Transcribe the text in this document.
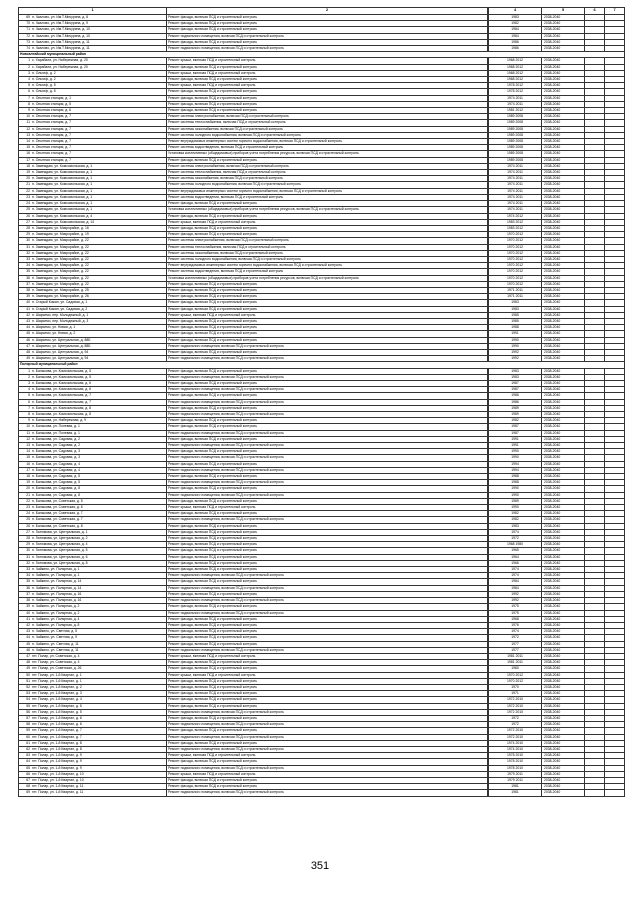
1	2		4	5	6	7
69 п. Чкалово, ул. Им.Т.Мичурина, д. 8	Ремонт фасада, включая ПСД и строительный контроль		1983	2038-2040		
70 п. Чкалово, ул. Им.Т.Мичурина, д. 9	Ремонт фасада, включая ПСД и строительный контроль		1982	2038-2040		
71 п. Чкалово, ул. Им.Т.Мичурина, д. 10	Ремонт фасада, включая ПСД и строительный контроль		1984	2038-2040		
72 п. Чкалово, ул. Им.Т.Мичурина, д. 10	Ремонт подвального помещения, включая ПСД и строительный контроль		1984	2038-2040		
73 п. Чкалово, ул. Им.Т.Мичурина, д. 11	Ремонт фасада, включая ПСД и строительный контроль		1986	2038-2040		
74 п. Чкалово, ул. Им.Т.Мичурина, д. 11	Ремонт подвального помещения, включая ПСД и строительный контроль		1986	2038-2040		
Новоалтайский муниципальный район					
1 с. Харабали, ул. Набережная, д. 20	Ремонт крыши, включая ПСД и строительный контроль		1968 2012	2038-2040		
2 с. Харабали, ул. Набережная, д. 20	Ремонт фасада, включая ПСД и строительный контроль		1968 2012	2038-2040		
3 п. Ольгиф, д. 2	Ремонт крыши, включая ПСД и строительный контроль		1968 2012	2038-2040		
4 п. Ольгиф, д. 2	Ремонт фасада, включая ПСД и строительный контроль		1968 2012	2038-2040		
5 п. Ольгиф, д. 5	Ремонт крыши, включая ПСД и строительный контроль		1978 2012	2038-2040		
6 п. Ольгиф, д. 5	Ремонт фасада, включая ПСД и строительный контроль		1978 2012	2038-2040		
7 п. Опытная станция, д. 1	Ремонт фасада, включая ПСД и строительный контроль		1974 2011	2038-2040		
8 п. Опытная станция, д. 5	Ремонт фасада, включая ПСД и строительный контроль		1974 2011	2038-2040		
9 п. Опытная станция, д. 6	Ремонт фасада, включая ПСД и строительный контроль		1981 2012	2038-2040		
10 п. Опытная станция, д. 7	Ремонт системы электроснабжения, включая ПСД и строительный контроль		1989 2008	2038-2040		
11 п. Опытная станция, д. 7	Ремонт системы теплоснабжения, включая ПСД и строительный контроль		1989 2008	2038-2040		
12 п. Опытная станция, д. 7	Ремонт системы газоснабжения, включая ПСД и строительный контроль		1989 2008	2038-2040		
13 п. Опытная станция, д. 7	Ремонт системы холодного водоснабжения, включая ПСД и строительный контроль		1989 2008	2038-2040		
14 п. Опытная станция, д. 7	Ремонт внутридомовых инженерных систем горячего водоснабжения, включая ПСД и строительный контроль		1989 2008	2038-2040		
15 п. Опытная станция, д. 7	Ремонт системы водоотведения, включая ПСД и строительный контроль		1989 2008	2038-2040		
16 п. Опытная станция, д. 7	Установка коллективных (общедомовых) приборов учета потребления ресурсов, включая ПСД и строительный контроль		1989 2008	2038-2040		
17 п. Опытная станция, д. 7	Ремонт фасада, включая ПСД и строительный контроль		1989 2008	2038-2040		
18 п. Замеждаю, ул. Комсомольская, д. 1	Ремонт системы электроснабжения, включая ПСД и строительный контроль		1974 2011	2038-2040		
19 п. Замеждаю, ул. Комсомольская, д. 1	Ремонт системы теплоснабжения, включая ПСД и строительный контроль		1974 2011	2038-2040		
20 п. Замеждаю, ул. Комсомольская, д. 1	Ремонт системы газоснабжения, включая ПСД и строительный контроль		1974 2011	2038-2040		
21 п. Замеждаю, ул. Комсомольская, д. 1	Ремонт системы холодного водоснабжения, включая ПСД и строительный контроль		1974 2011	2038-2040		
22 п. Замеждаю, ул. Комсомольская, д. 1	Ремонт внутридомовых инженерных систем горячего водоснабжения, включая ПСД и строительный контроль		1974 2011	2038-2040		
23 п. Замеждаю, ул. Комсомольская, д. 1	Ремонт системы водоотведения, включая ПСД и строительный контроль		1974 2011	2038-2040		
24 п. Замеждаю, ул. Комсомольская, д. 1	Ремонт фасада, включая ПСД и строительный контроль		1974 2011	2038-2040		
25 п. Замеждаю, ул. Комсомольская, д. 1	Установка коллективных (общедомовых) приборов учета потребления ресурсов, включая ПСД и строительный контроль		1974 2011	2038-2040		
26 п. Замеждаю, ул. Комсомольская, д. 4	Ремонт фасада, включая ПСД и строительный контроль		1974 2012	2038-2040		
27 п. Замеждаю, ул. Комсомольская, д. 14	Ремонт крыши, включая ПСД и строительный контроль		1983 2012	2038-2040		
28 п. Замеждаю, ул. Микрорайон, д. 16	Ремонт фасада, включая ПСД и строительный контроль		1983 2012	2038-2040		
29 п. Замеждаю, ул. Микрорайон, д. 19	Ремонт фасада, включая ПСД и строительный контроль		1970 2012	2038-2040		
30 п. Замеждаю, ул. Микрорайон, д. 22	Ремонт системы электроснабжения, включая ПСД и строительный контроль		1970 2012	2038-2040		
31 п. Замеждаю, ул. Микрорайон, д. 22	Ремонт системы теплоснабжения, включая ПСД и строительный контроль		1970 2012	2038-2040		
32 п. Замеждаю, ул. Микрорайон, д. 22	Ремонт системы газоснабжения, включая ПСД и строительный контроль		1970 2012	2038-2040		
33 п. Замеждаю, ул. Микрорайон, д. 22	Ремонт системы холодного водоснабжения, включая ПСД и строительный контроль		1970 2012	2038-2040		
34 п. Замеждаю, ул. Микрорайон, д. 22	Ремонт внутридомовых инженерных систем горячего водоснабжения, включая ПСД и строительный контроль		1970 2012	2038-2040		
35 п. Замеждаю, ул. Микрорайон, д. 22	Ремонт системы водоотведения, включая ПСД и строительный контроль		1970 2012	2038-2040		
36 п. Замеждаю, ул. Микрорайон, д. 22	Установка коллективных (общедомовых) приборов учета потребления ресурсов, включая ПСД и строительный контроль		1970 2012	2038-2040		
37 п. Замеждаю, ул. Микрорайон, д. 22	Ремонт фасада, включая ПСД и строительный контроль		1970 2012	2038-2040		
38 п. Замеждаю, ул. Микрорайон, д. 25	Ремонт фасада, включая ПСД и строительный контроль		1971 2011	2038-2040		
39 п. Замеждаю, ул. Микрорайон, д. 26	Ремонт фасада, включая ПСД и строительный контроль		1971 2011	2038-2040		
40 п. Старый Кожан, ул. Садовая, д. 1	Ремонт фасада, включая ПСД и строительный контроль		1983	2038-2040		
41 п. Старый Кожан, ул. Садовая, д. 2	Ремонт фасада, включая ПСД и строительный контроль		1983	2038-2040		
42 п. Шарьемо, пер. Молодежный, д. 1	Ремонт крыши, включая ПСД и строительный контроль		1985	2038-2040		
43 п. Шарьемо, пер. Молодежный, д. 3	Ремонт фасада, включая ПСД и строительный контроль		1985	2038-2040		
44 п. Шарьемо, ул. Новая, д. 1	Ремонт фасада, включая ПСД и строительный контроль		1988	2038-2040		
45 п. Шарьемо, ул. Новая, д. 2	Ремонт фасада, включая ПСД и строительный контроль		1991	2038-2040		
46 п. Шарьемо, ул. Центральная, д. 88Б	Ремонт фасада, включая ПСД и строительный контроль		1990	2038-2040		
47 п. Шарьемо, ул. Центральная, д. 88Б	Ремонт подвального помещения, включая ПСД и строительный контроль		1990	2038-2040		
48 п. Шарьемо, ул. Центральная, д. 94	Ремонт фасада, включая ПСД и строительный контроль		1992	2038-2040		
49 п. Шарьемо, ул. Центральная, д. 94	Ремонт подвального помещения, включая ПСД и строительный контроль		1992	2038-2040		
Полярный муниципальный район					
1 п. Балыкова, ул. Комсомольская, д. 5	Ремонт фасада, включая ПСД и строительный контроль		1983	2038-2040		
2 п. Балыкова, ул. Комсомольская, д. 5	Ремонт подвального помещения, включая ПСД и строительный контроль		1983	2038-2040		
3 п. Балыкова, ул. Комсомольская, д. 6	Ремонт фасада, включая ПСД и строительный контроль		1987	2038-2040		
4 п. Балыкова, ул. Комсомольская, д. 6	Ремонт подвального помещения, включая ПСД и строительный контроль		1987	2038-2040		
5 п. Балыкова, ул. Комсомольская, д. 7	Ремонт фасада, включая ПСД и строительный контроль		1986	2038-2040		
6 п. Балыкова, ул. Комсомольская, д. 7	Ремонт подвального помещения, включая ПСД и строительный контроль		1986	2038-2040		
7 п. Балыкова, ул. Комсомольская, д. 8	Ремонт фасада, включая ПСД и строительный контроль		1989	2038-2040		
8 п. Балыкова, ул. Комсомольская, д. 8	Ремонт подвального помещения, включая ПСД и строительный контроль		1989	2038-2040		
9 п. Балыкова, ул. Набережная, д. 9	Ремонт фасада, включая ПСД и строительный контроль		1982	2038-2040		
10 п. Балыкова, ул. Полевая, д. 1	Ремонт фасада, включая ПСД и строительный контроль		1987	2038-2040		
11 п. Балыкова, ул. Полевая, д. 1	Ремонт подвального помещения, включая ПСД и строительный контроль		1987	2038-2040		
12 п. Балыкова, ул. Садовая, д. 2	Ремонт фасада, включая ПСД и строительный контроль		1991	2038-2040		
13 п. Балыкова, ул. Садовая, д. 2	Ремонт подвального помещения, включая ПСД и строительный контроль		1991	2038-2040		
14 п. Балыкова, ул. Садовая, д. 3	Ремонт фасада, включая ПСД и строительный контроль		1990	2038-2040		
15 п. Балыкова, ул. Садовая, д. 3	Ремонт подвального помещения, включая ПСД и строительный контроль		1990	2038-2040		
16 п. Балыкова, ул. Садовая, д. 4	Ремонт фасада, включая ПСД и строительный контроль		1994	2038-2040		
17 п. Балыкова, ул. Садовая, д. 4	Ремонт подвального помещения, включая ПСД и строительный контроль		1994	2038-2040		
18 п. Балыкова, ул. Садовая, д. 5	Ремонт фасада, включая ПСД и строительный контроль		1988	2038-2040		
19 п. Балыкова, ул. Садовая, д. 5	Ремонт подвального помещения, включая ПСД и строительный контроль		1988	2038-2040		
20 п. Балыкова, ул. Садовая, д. 8	Ремонт фасада, включая ПСД и строительный контроль		1990	2038-2040		
21 п. Балыкова, ул. Садовая, д. 8	Ремонт подвального помещения, включая ПСД и строительный контроль		1990	2038-2040		
22 п. Балыкова, ул. Советская, д. 5	Ремонт фасада, включая ПСД и строительный контроль		1989	2038-2040		
23 п. Балыкова, ул. Советская, д. 6	Ремонт крыши, включая ПСД и строительный контроль		1990	2038-2040		
24 п. Балыкова, ул. Советская, д. 7	Ремонт фасада, включая ПСД и строительный контроль		1982	2038-2040		
25 п. Балыкова, ул. Советская, д. 7	Ремонт подвального помещения, включая ПСД и строительный контроль		1982	2038-2040		
26 п. Балыкова, ул. Советская, д. 8	Ремонт фасада, включая ПСД и строительный контроль		1983	2038-2040		
27 п. Гилюмова, ул. Центральная, д. 1	Ремонт фасада, включая ПСД и строительный контроль		1974	2038-2040		
28 п. Гилюмова, ул. Центральная, д. 2	Ремонт фасада, включая ПСД и строительный контроль		1972	2038-2040		
29 п. Гилюмова, ул. Центральная, д. 4	Ремонт фасада, включая ПСД и строительный контроль		1968 1980	2038-2040		
30 п. Гилюмова, ул. Центральная, д. 5	Ремонт фасада, включая ПСД и строительный контроль		1965	2038-2040		
31 п. Гилюмова, ул. Центральная, д. 6	Ремонт фасада, включая ПСД и строительный контроль		1964	2038-2040		
32 п. Гилюмова, ул. Центральная, д. 8	Ремонт фасада, включая ПСД и строительный контроль		1966	2038-2040		
33 п. Чайкино, ул. Полярная, д. 1	Ремонт фасада, включая ПСД и строительный контроль		1974	2038-2040		
34 п. Чайкино, ул. Полярная, д. 1	Ремонт подвального помещения, включая ПСД и строительный контроль		1974	2038-2040		
35 п. Чайкино, ул. Полярная, д. 14	Ремонт фасада, включая ПСД и строительный контроль		1984	2038-2040		
36 п. Чайкино, ул. Полярная, д. 14	Ремонт подвального помещения, включая ПСД и строительный контроль		1984	2038-2040		
37 п. Чайкино, ул. Полярная, д. 16	Ремонт фасада, включая ПСД и строительный контроль		1992	2038-2040		
38 п. Чайкино, ул. Полярная, д. 16	Ремонт подвального помещения, включая ПСД и строительный контроль		1992	2038-2040		
39 п. Чайкино, ул. Полярная, д. 2	Ремонт фасада, включая ПСД и строительный контроль		1975	2038-2040		
40 п. Чайкино, ул. Полярная, д. 2	Ремонт подвального помещения, включая ПСД и строительный контроль		1975	2038-2040		
41 п. Чайкино, ул. Полярная, д. 4	Ремонт фасада, включая ПСД и строительный контроль		1968	2038-2040		
42 п. Чайкино, ул. Полярная, д. 8	Ремонт фасада, включая ПСД и строительный контроль		1976	2038-2040		
43 п. Чайкино, ул. Светлая, д. 5	Ремонт фасада, включая ПСД и строительный контроль		1974	2038-2040		
44 п. Чайкино, ул. Светлая, д. 9	Ремонт фасада, включая ПСД и строительный контроль		1972	2038-2040		
45 п. Чайкино, ул. Светлая, д. 11	Ремонт фасада, включая ПСД и строительный контроль		1977	2038-2040		
46 п. Чайкино, ул. Светлая, д. 11	Ремонт подвального помещения, включая ПСД и строительный контроль		1977	2038-2040		
47 пгт. Полар, ул. Советская, д. 4	Ремонт крыши, включая ПСД и строительный контроль		1981 2011	2038-2040		
48 пгт. Полар, ул. Советская, д. 4	Ремонт фасада, включая ПСД и строительный контроль		1981 2011	2038-2040		
49 пгт. Полар, ул. Советская, д. 26	Ремонт фасада, включая ПСД и строительный контроль		1980	2038-2040		
50 пгт. Полар, ул. 1-й Квартал, д. 1	Ремонт крыши, включая ПСД и строительный контроль		1970 2012	2038-2040		
51 пгт. Полар, ул. 1-й Квартал, д. 1	Ремонт фасада, включая ПСД и строительный контроль		1970 2012	2038-2040		
52 пгт. Полар, ул. 1-й Квартал, д. 2	Ремонт фасада, включая ПСД и строительный контроль		1970	2038-2040		
53 пгт. Полар, ул. 1-й Квартал, д. 3	Ремонт фасада, включая ПСД и строительный контроль		1971	2038-2040		
54 пгт. Полар, ул. 1-й Квартал, д. 4	Ремонт фасада, включая ПСД и строительный контроль		1972 2010	2038-2040		
55 пгт. Полар, ул. 1-й Квартал, д. 5	Ремонт фасада, включая ПСД и строительный контроль		1972 2010	2038-2040		
56 пгт. Полар, ул. 1-й Квартал, д. 5	Ремонт подвального помещения, включая ПСД и строительный контроль		1972 2010	2038-2040		
57 пгт. Полар, ул. 1-й Квартал, д. 6	Ремонт фасада, включая ПСД и строительный контроль		1972	2038-2040		
58 пгт. Полар, ул. 1-й Квартал, д. 6	Ремонт подвального помещения, включая ПСД и строительный контроль		1972	2038-2040		
59 пгт. Полар, ул. 1-й Квартал, д. 7	Ремонт фасада, включая ПСД и строительный контроль		1972 2010	2038-2040		
60 пгт. Полар, ул. 1-й Квартал, д. 7	Ремонт подвального помещения, включая ПСД и строительный контроль		1972 2010	2038-2040		
61 пгт. Полар, ул. 1-й Квартал, д. 8	Ремонт фасада, включая ПСД и строительный контроль		1974 2010	2038-2040		
62 пгт. Полар, ул. 1-й Квартал, д. 8	Ремонт подвального помещения, включая ПСД и строительный контроль		1974 2010	2038-2040		
63 пгт. Полар, ул. 1-й Квартал, д. 9	Ремонт крыши, включая ПСД и строительный контроль		1978 2010	2038-2040		
64 пгт. Полар, ул. 1-й Квартал, д. 9	Ремонт фасада, включая ПСД и строительный контроль		1978 2010	2038-2040		
65 пгт. Полар, ул. 1-й Квартал, д. 9	Ремонт подвального помещения, включая ПСД и строительный контроль		1978 2010	2038-2040		
66 пгт. Полар, ул. 1-й Квартал, д. 10	Ремонт крыши, включая ПСД и строительный контроль		1979 2011	2038-2040		
67 пгт. Полар, ул. 1-й Квартал, д. 10	Ремонт фасада, включая ПСД и строительный контроль		1979 2011	2038-2040		
68 пгт. Полар, ул. 1-й Квартал, д. 11	Ремонт фасада, включая ПСД и строительный контроль		1981	2038-2040		
69 пгт. Полар, ул. 1-й Квартал, д. 11	Ремонт подвального помещения, включая ПСД и строительный контроль		1981	2038-2040		
351
